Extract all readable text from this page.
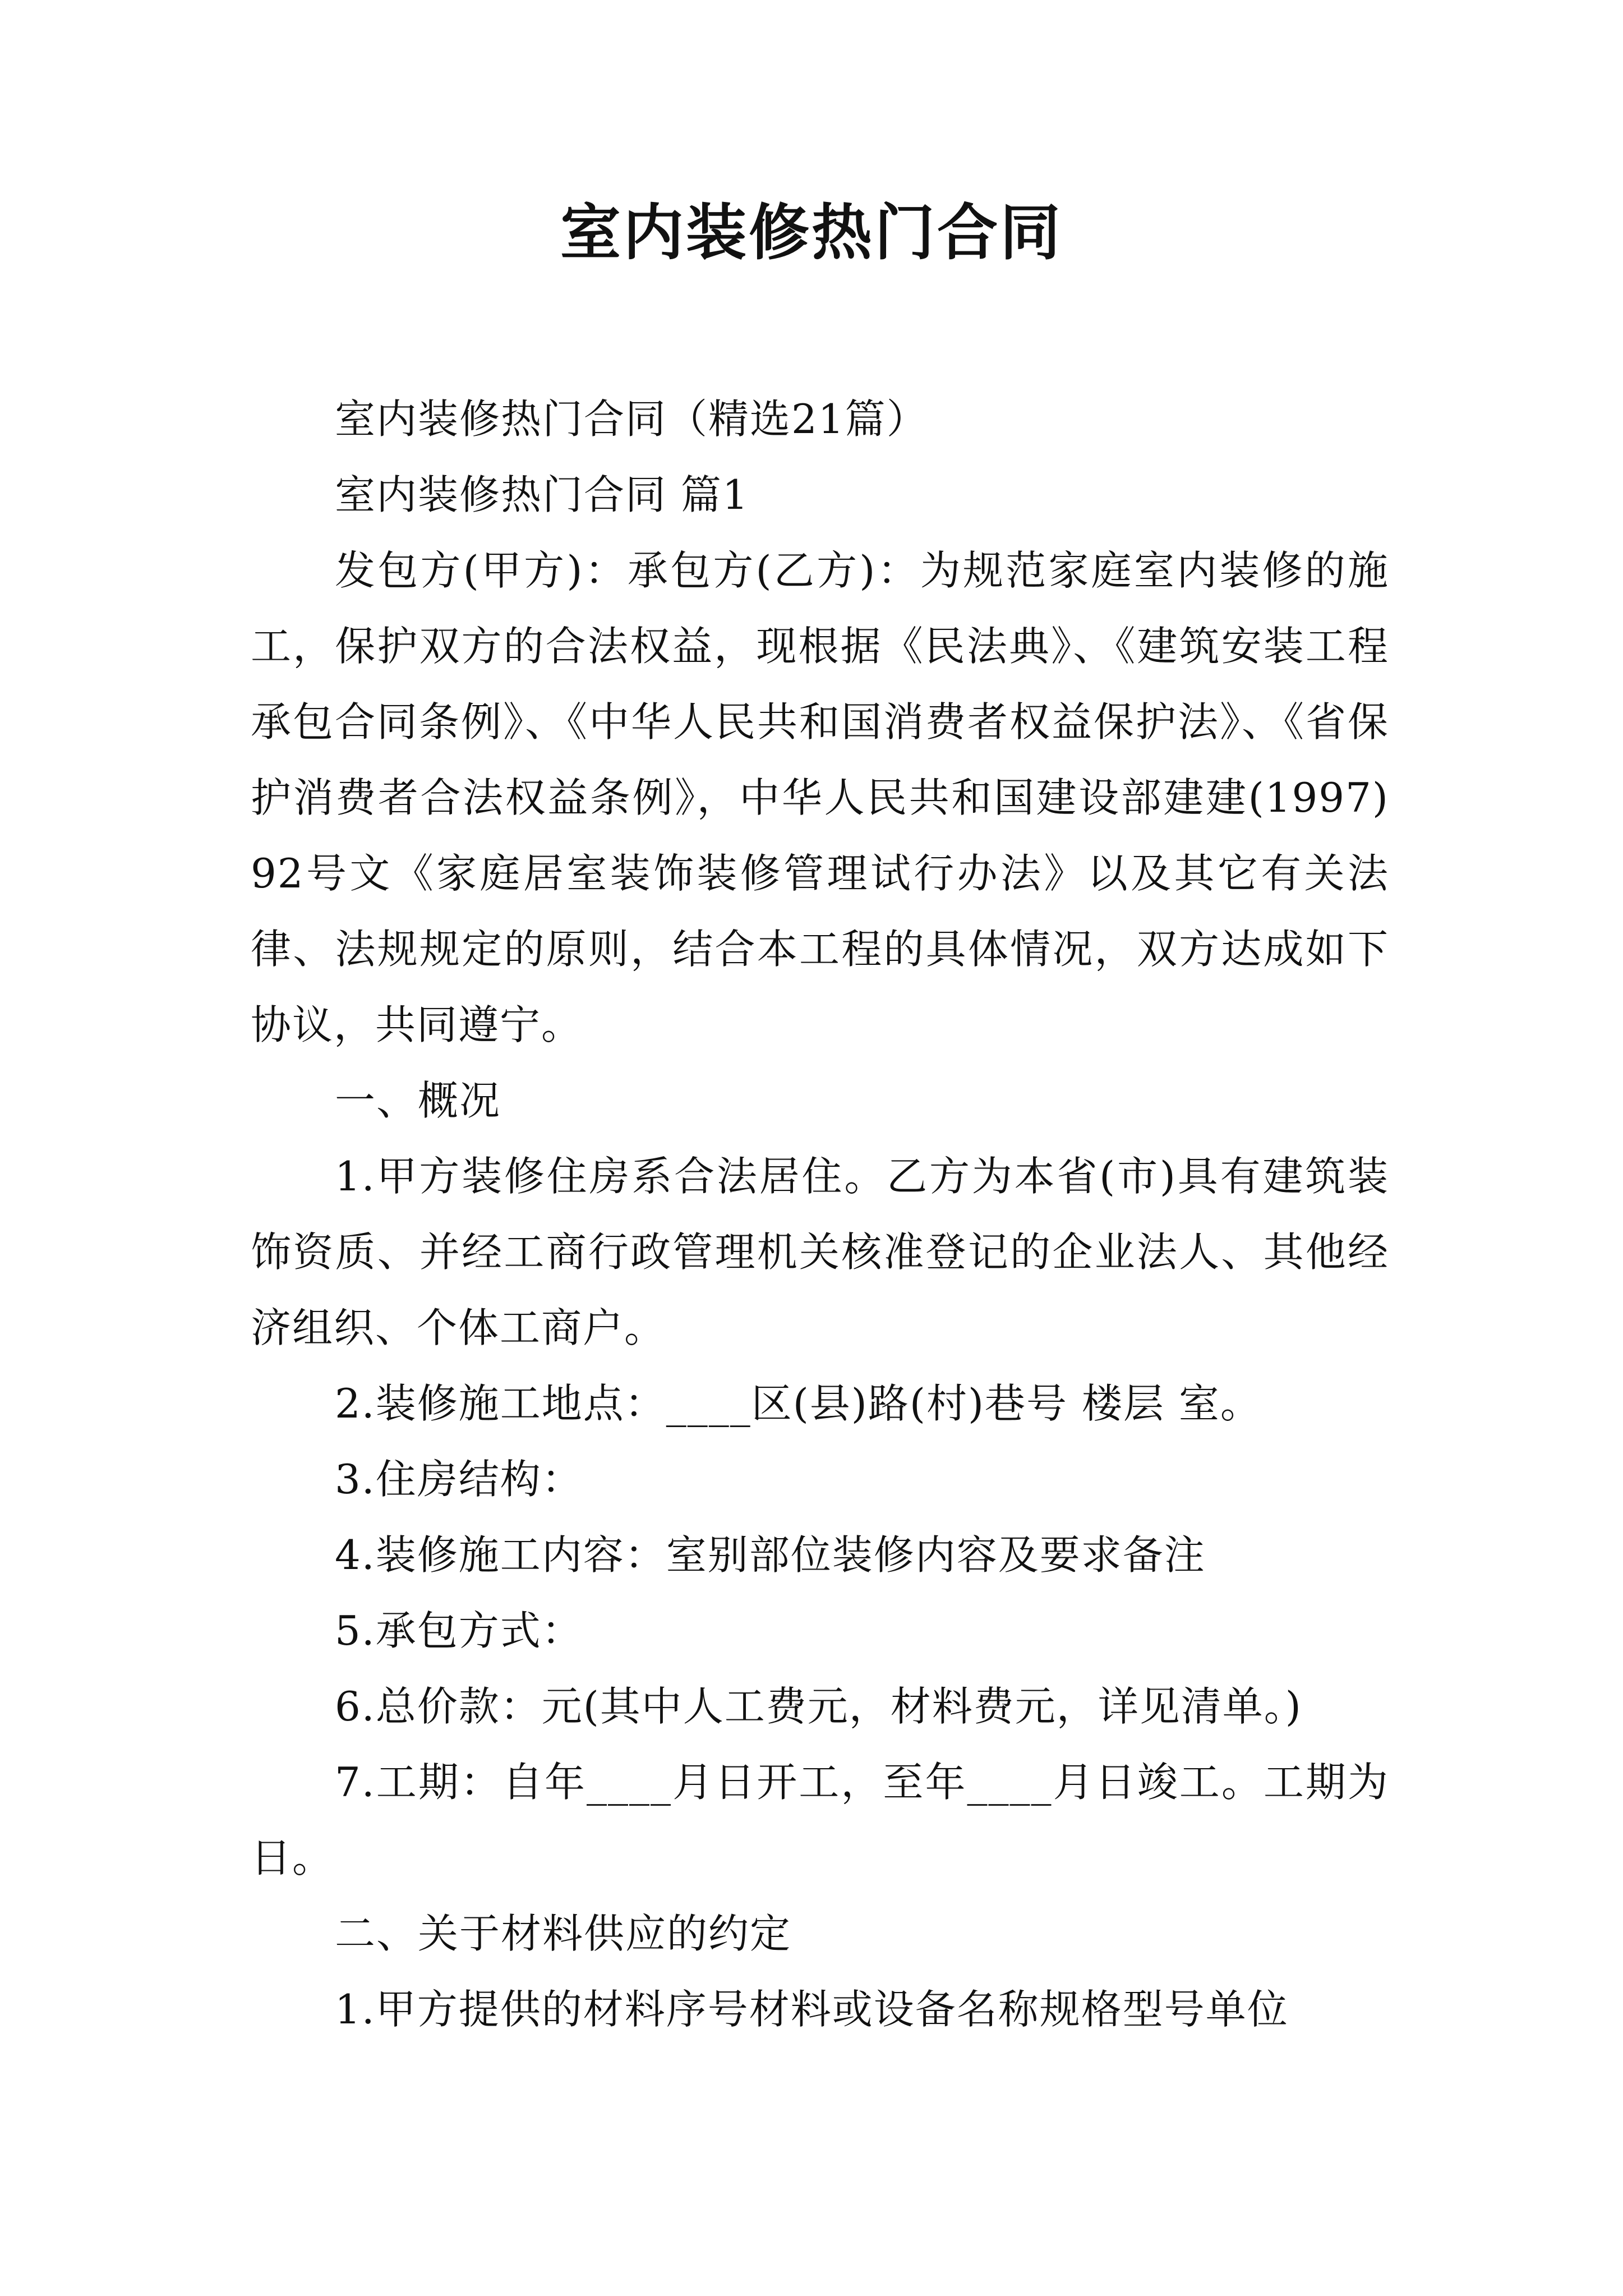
室内装修热门合同

室内装修热门合同（精选21篇）

室内装修热门合同 篇1

发包方(甲方)：承包方(乙方)：为规范家庭室内装修的施工，保护双方的合法权益，现根据《民法典》、《建筑安装工程承包合同条例》、《中华人民共和国消费者权益保护法》、《省保护消费者合法权益条例》，中华人民共和国建设部建建(1997)92号文《家庭居室装饰装修管理试行办法》以及其它有关法律、法规规定的原则，结合本工程的具体情况，双方达成如下协议，共同遵宁。

一、概况

1.甲方装修住房系合法居住。乙方为本省(市)具有建筑装饰资质、并经工商行政管理机关核准登记的企业法人、其他经济组织、个体工商户。

2.装修施工地点：____区(县)路(村)巷号 楼层 室。

3.住房结构：

4.装修施工内容：室别部位装修内容及要求备注

5.承包方式：

6.总价款：元(其中人工费元，材料费元，详见清单。)

7.工期：自年____月日开工，至年____月日竣工。工期为日。

二、关于材料供应的约定

1.甲方提供的材料序号材料或设备名称规格型号单位
